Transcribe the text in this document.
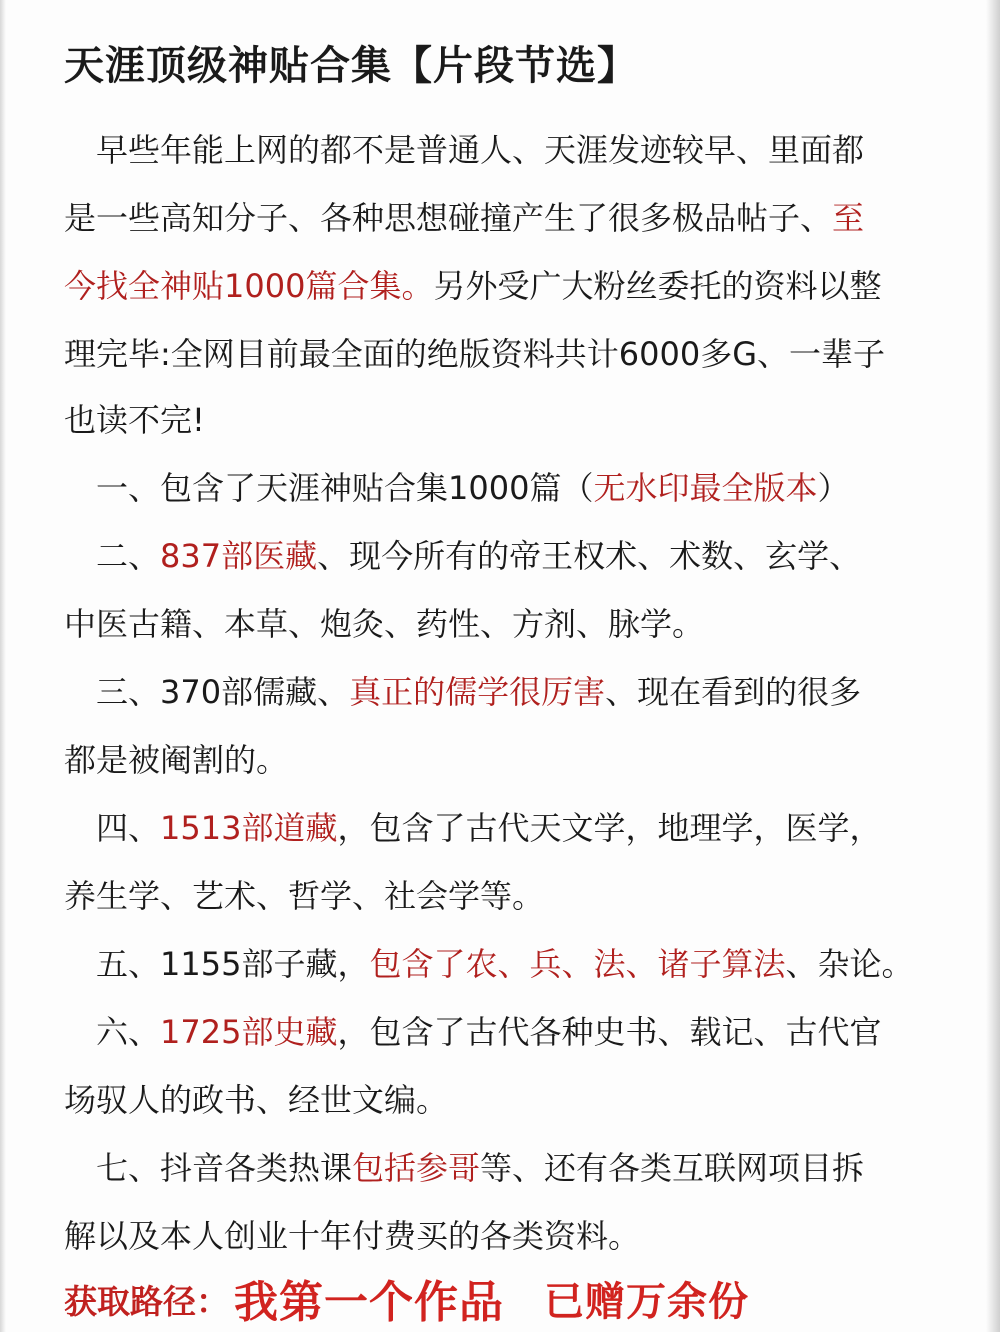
天涯顶级神贴合集【片段节选】
早些年能上网的都不是普通人、天涯发迹较早、里面都
是一些高知分子、各种思想碰撞产生了很多极品帖子、至
今找全神贴1000篇合集。另外受广大粉丝委托的资料以整
理完毕:全网目前最全面的绝版资料共计6000多G、一辈子
也读不完!
一、包含了天涯神贴合集1000篇（无水印最全版本）
二、837部医藏、现今所有的帝王权术、术数、玄学、
中医古籍、本草、炮灸、药性、方剂、脉学。
三、370部儒藏、真正的儒学很厉害、现在看到的很多
都是被阉割的。
四、1513部道藏，包含了古代天文学，地理学，医学，
养生学、艺术、哲学、社会学等。
五、1155部子藏，包含了农、兵、法、诸子算法、杂论。
六、1725部史藏，包含了古代各种史书、载记、古代官
场驭人的政书、经世文编。
七、抖音各类热课包括参哥等、还有各类互联网项目拆
解以及本人创业十年付费买的各类资料。
获取路径： 我第一个作品 已赠万余份
